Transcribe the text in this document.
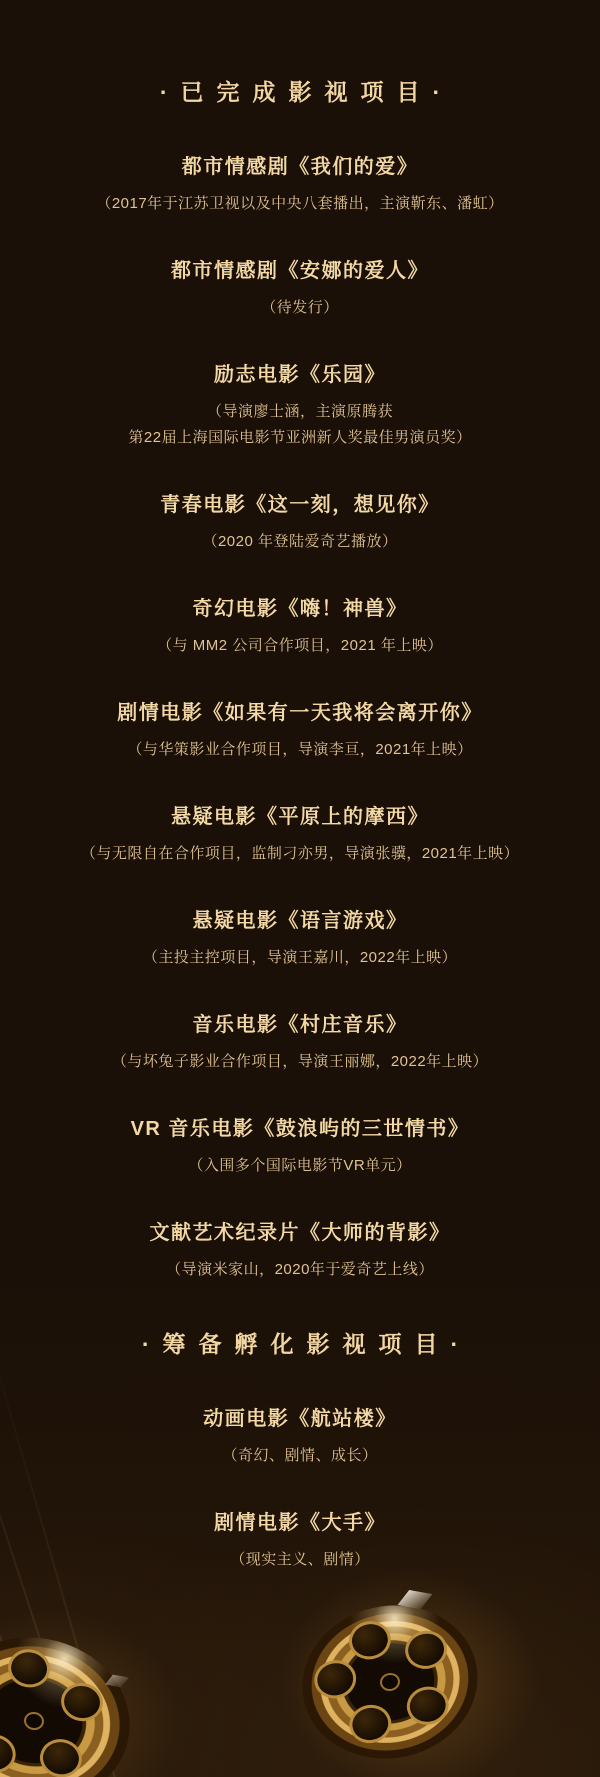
·已完成影视项目·
都市情感剧《我们的爱》
（2017年于江苏卫视以及中央八套播出，主演靳东、潘虹）
都市情感剧《安娜的爱人》
（待发行）
励志电影《乐园》
（导演廖士涵，主演原腾获
第22届上海国际电影节亚洲新人奖最佳男演员奖）
青春电影《这一刻，想见你》
（2020 年登陆爱奇艺播放）
奇幻电影《嗨！神兽》
（与 MM2 公司合作项目，2021 年上映）
剧情电影《如果有一天我将会离开你》
（与华策影业合作项目，导演李亘，2021年上映）
悬疑电影《平原上的摩西》
（与无限自在合作项目，监制刁亦男，导演张骥，2021年上映）
悬疑电影《语言游戏》
（主投主控项目，导演王嘉川，2022年上映）
音乐电影《村庄音乐》
（与坏兔子影业合作项目，导演王丽娜，2022年上映）
VR 音乐电影《鼓浪屿的三世情书》
（入围多个国际电影节VR单元）
文献艺术纪录片《大师的背影》
（导演米家山，2020年于爱奇艺上线）
·筹备孵化影视项目·
动画电影《航站楼》
（奇幻、剧情、成长）
剧情电影《大手》
（现实主义、剧情）
